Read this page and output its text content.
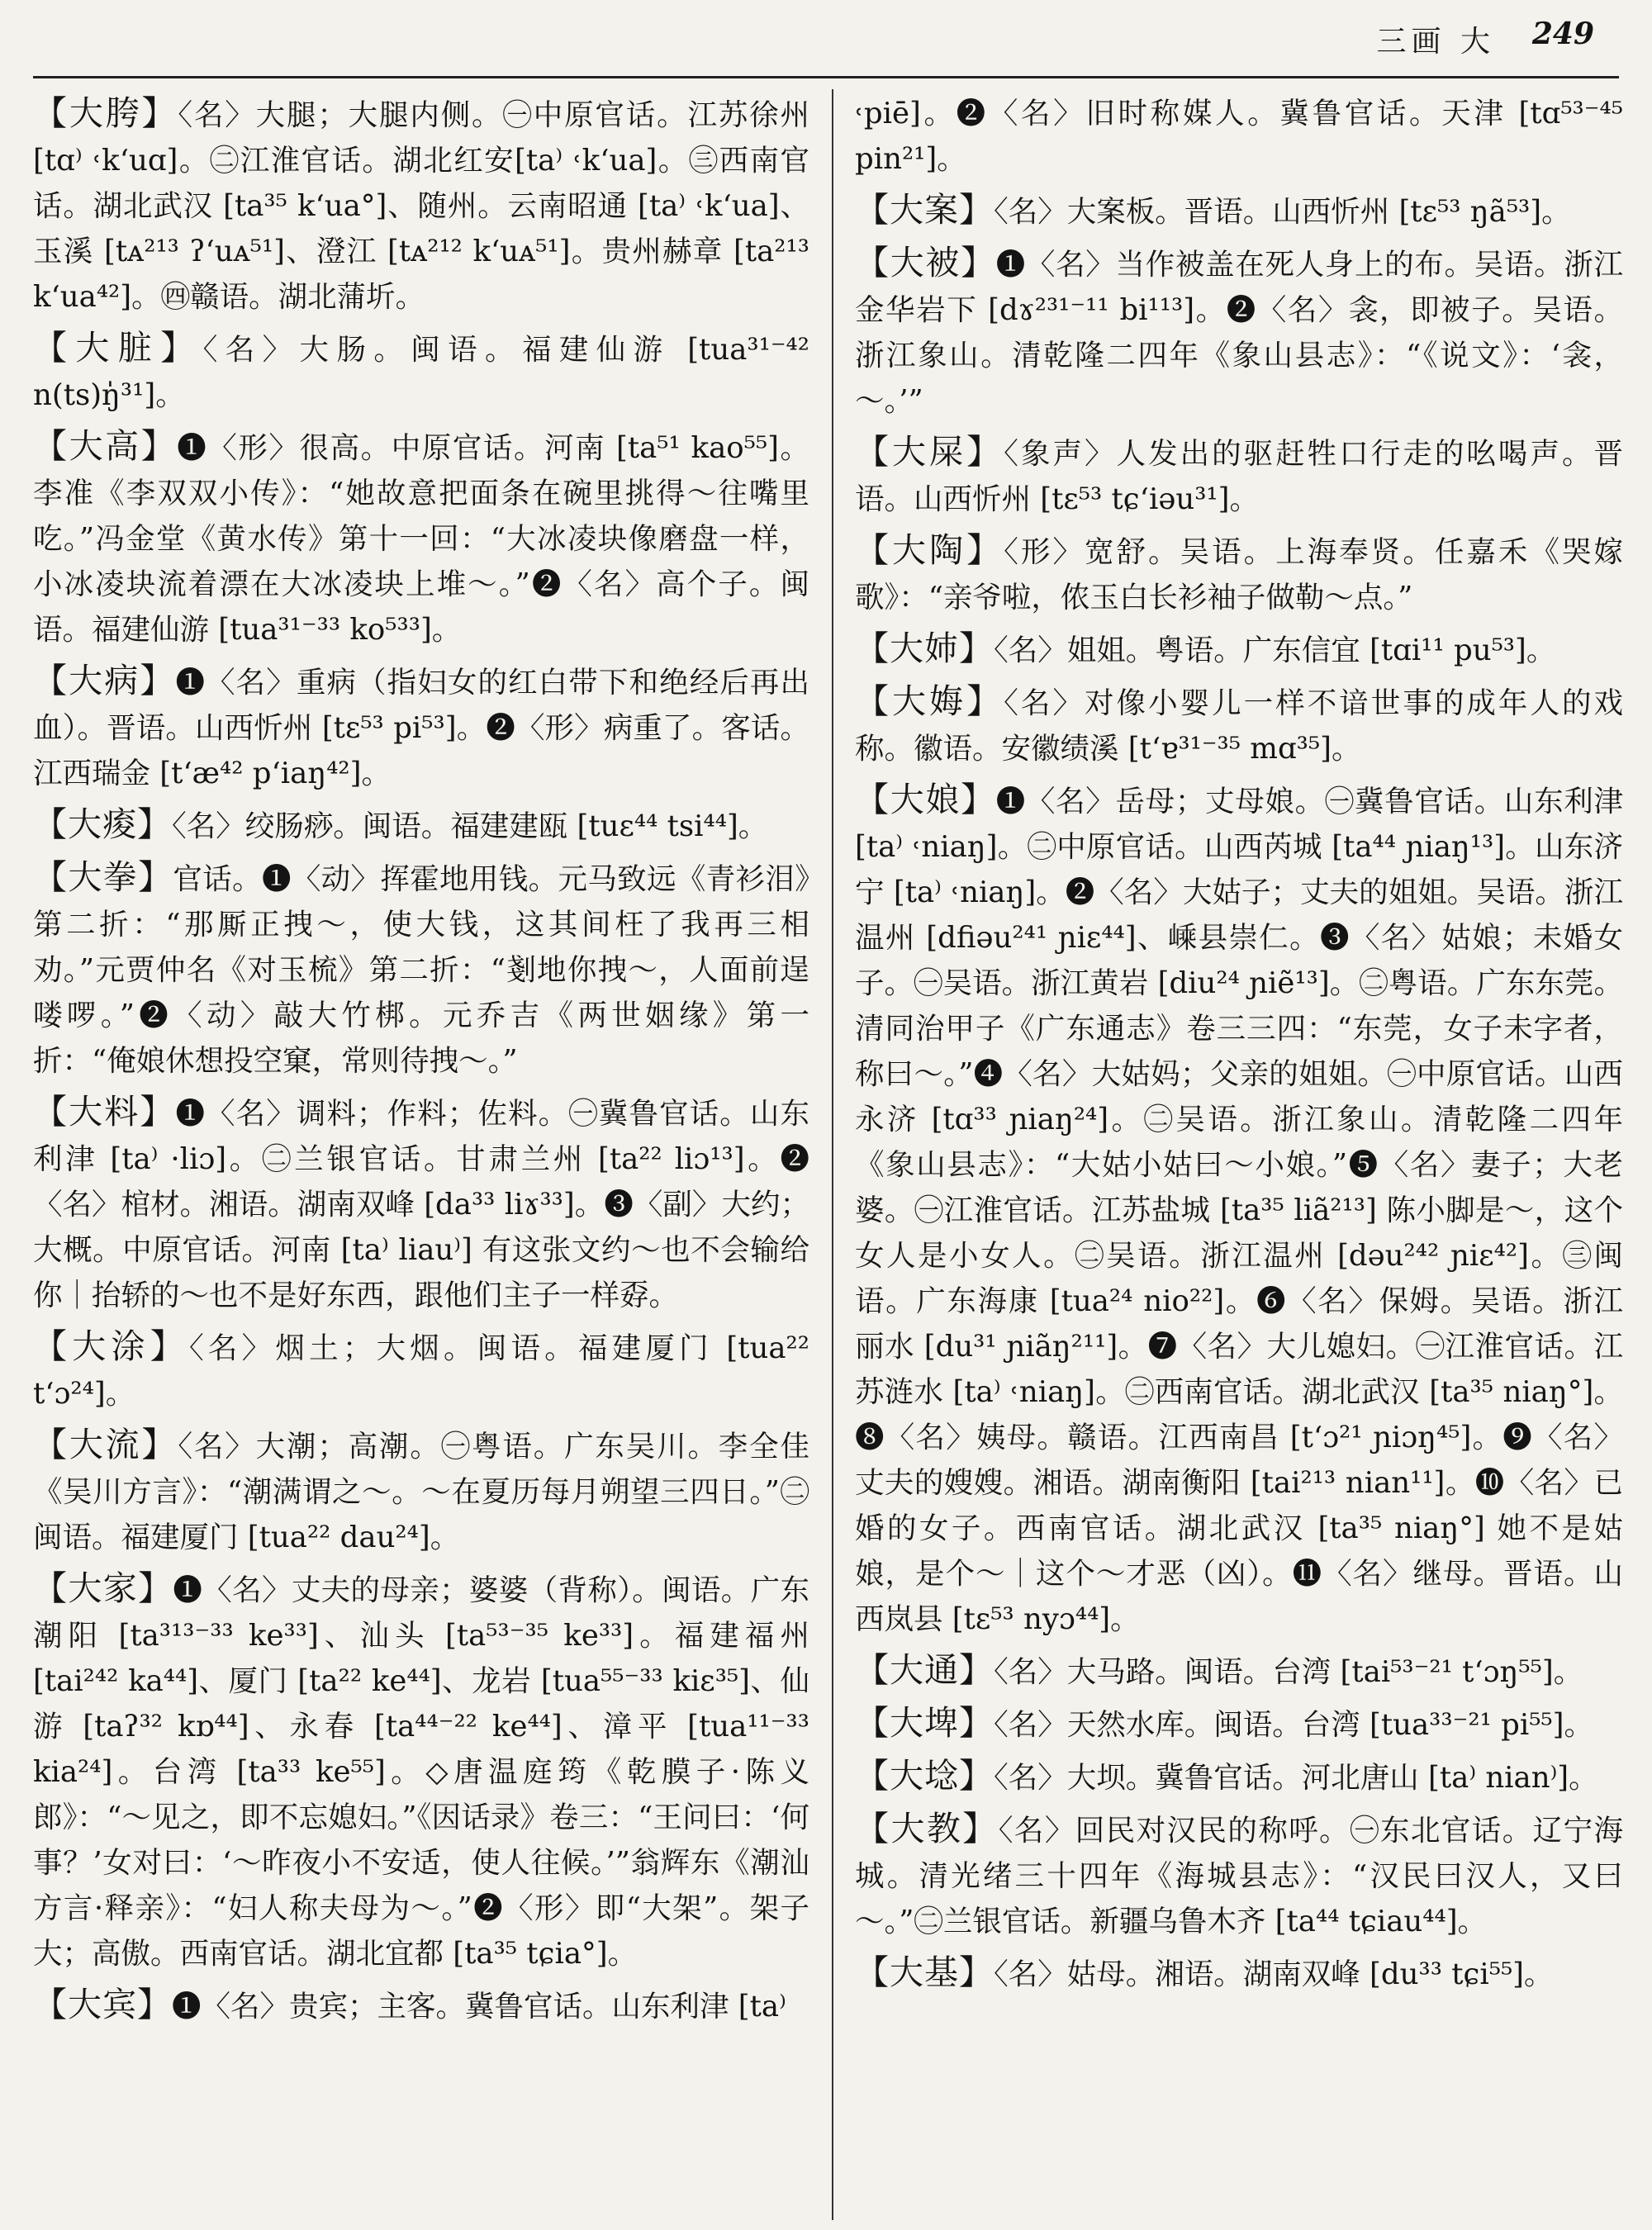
三画 大 249
【 大胯 】 〈名〉大腿；大腿内侧。㊀中原官话。江苏徐州 [tɑ⁾ ˓k‘uɑ]。㊁江淮官话。湖北红安[ta⁾ ˓k‘ua]。㊂西南官话。湖北武汉 [ta³⁵ k‘ua°]、随州。云南昭通 [ta⁾ ˓k‘ua]、玉溪 [tᴀ²¹³ ʔ‘uᴀ⁵¹]、澄江 [tᴀ²¹² k‘uᴀ⁵¹]。贵州赫章 [ta²¹³ k‘ua⁴²]。㊃赣语。湖北蒲圻。
【 大脏 】 〈名〉大肠。闽语。福建仙游 [tua³¹⁻⁴² n(ts)ŋ̍³¹]。
【 大高 】 ❶〈形〉很高。中原官话。河南 [ta⁵¹ kao⁵⁵]。李准《李双双小传》：“她故意把面条在碗里挑得～往嘴里吃。”冯金堂《黄水传》第十一回：“大冰凌块像磨盘一样，小冰凌块流着漂在大冰凌块上堆～。”❷〈名〉高个子。闽语。福建仙游 [tua³¹⁻³³ ko⁵³³]。
【 大病 】 ❶〈名〉重病（指妇女的红白带下和绝经后再出血）。晋语。山西忻州 [tɛ⁵³ pi⁵³]。❷〈形〉病重了。客话。江西瑞金 [t‘æ⁴² p‘iaŋ⁴²]。
【 大痠 】 〈名〉绞肠痧。闽语。福建建瓯 [tuɛ⁴⁴ tsi⁴⁴]。
【 大拳 】 官话。❶〈动〉挥霍地用钱。元马致远《青衫泪》第二折：“那厮正拽～，使大钱，这其间枉了我再三相劝。”元贾仲名《对玉梳》第二折：“剗地你拽～，人面前逞喽啰。”❷〈动〉敲大竹梆。元乔吉《两世姻缘》第一折：“俺娘休想投空窠，常则待拽～。”
【 大料 】 ❶〈名〉调料；作料；佐料。㊀冀鲁官话。山东利津 [ta⁾ ·liɔ]。㊁兰银官话。甘肃兰州 [ta²² liɔ¹³]。❷〈名〉棺材。湘语。湖南双峰 [da³³ liɤ³³]。❸〈副〉大约；大概。中原官话。河南 [ta⁾ liau⁾] 有这张文约～也不会输给你｜抬轿的～也不是好东西，跟他们主子一样孬。
【 大涂 】 〈名〉烟土；大烟。闽语。福建厦门 [tua²² t‘ɔ²⁴]。
【 大流 】 〈名〉大潮；高潮。㊀粤语。广东吴川。李全佳《吴川方言》：“潮满谓之～。～在夏历每月朔望三四日。”㊁闽语。福建厦门 [tua²² dau²⁴]。
【 大家 】 ❶〈名〉丈夫的母亲；婆婆（背称）。闽语。广东潮阳 [ta³¹³⁻³³ ke³³]、汕头 [ta⁵³⁻³⁵ ke³³]。福建福州 [tai²⁴² ka⁴⁴]、厦门 [ta²² ke⁴⁴]、龙岩 [tua⁵⁵⁻³³ kiɛ³⁵]、仙游 [taʔ³² kɒ⁴⁴]、永春 [ta⁴⁴⁻²² ke⁴⁴]、漳平 [tua¹¹⁻³³ kia²⁴]。台湾 [ta³³ ke⁵⁵]。◇唐温庭筠《乾膜子·陈义郎》：“～见之，即不忘媳妇。”《因话录》卷三：“王问曰：‘何事？’女对曰：‘～昨夜小不安适，使人往候。’”翁辉东《潮汕方言·释亲》：“妇人称夫母为～。”❷〈形〉即“大架”。架子大；高傲。西南官话。湖北宜都 [ta³⁵ tɕia°]。
【 大宾 】 ❶〈名〉贵宾；主客。冀鲁官话。山东利津 [ta⁾
˓piē]。❷〈名〉旧时称媒人。冀鲁官话。天津 [tɑ⁵³⁻⁴⁵ pin²¹]。
【 大案 】 〈名〉大案板。晋语。山西忻州 [tɛ⁵³ ŋã⁵³]。
【 大被 】 ❶〈名〉当作被盖在死人身上的布。吴语。浙江金华岩下 [dɤ²³¹⁻¹¹ bi¹¹³]。❷〈名〉衾，即被子。吴语。浙江象山。清乾隆二四年《象山县志》：“《说文》：‘衾，～。’”
【 大屎 】 〈象声〉人发出的驱赶牲口行走的吆喝声。晋语。山西忻州 [tɛ⁵³ tɕ‘iəu³¹]。
【 大陶 】 〈形〉宽舒。吴语。上海奉贤。任嘉禾《哭嫁歌》：“亲爷啦，侬玉白长衫袖子做勒～点。”
【 大姉 】 〈名〉姐姐。粤语。广东信宜 [tɑi¹¹ pu⁵³]。
【 大娒 】 〈名〉对像小婴儿一样不谙世事的成年人的戏称。徽语。安徽绩溪 [t‘ɐ³¹⁻³⁵ mɑ³⁵]。
【 大娘 】 ❶〈名〉岳母；丈母娘。㊀冀鲁官话。山东利津 [ta⁾ ˓niaŋ]。㊁中原官话。山西芮城 [ta⁴⁴ ɲiaŋ¹³]。山东济宁 [ta⁾ ˓niaŋ]。❷〈名〉大姑子；丈夫的姐姐。吴语。浙江温州 [dfiəu²⁴¹ ɲiɛ⁴⁴]、嵊县崇仁。❸〈名〉姑娘；未婚女子。㊀吴语。浙江黄岩 [diu²⁴ ɲiẽ¹³]。㊁粤语。广东东莞。清同治甲子《广东通志》卷三三四：“东莞，女子未字者，称曰～。”❹〈名〉大姑妈；父亲的姐姐。㊀中原官话。山西永济 [tɑ³³ ɲiaŋ²⁴]。㊁吴语。浙江象山。清乾隆二四年《象山县志》：“大姑小姑曰～小娘。”❺〈名〉妻子；大老婆。㊀江淮官话。江苏盐城 [ta³⁵ liã²¹³] 陈小脚是～，这个女人是小女人。㊁吴语。浙江温州 [dəu²⁴² ɲiɛ⁴²]。㊂闽语。广东海康 [tua²⁴ nio²²]。❻〈名〉保姆。吴语。浙江丽水 [du³¹ ɲiãŋ²¹¹]。❼〈名〉大儿媳妇。㊀江淮官话。江苏涟水 [ta⁾ ˓niaŋ]。㊁西南官话。湖北武汉 [ta³⁵ niaŋ°]。❽〈名〉姨母。赣语。江西南昌 [t‘ɔ²¹ ɲiɔŋ⁴⁵]。❾〈名〉丈夫的嫂嫂。湘语。湖南衡阳 [tai²¹³ nian¹¹]。❿〈名〉已婚的女子。西南官话。湖北武汉 [ta³⁵ niaŋ°] 她不是姑娘，是个～｜这个～才恶（凶）。⓫〈名〉继母。晋语。山西岚县 [tɛ⁵³ nyɔ⁴⁴]。
【 大通 】 〈名〉大马路。闽语。台湾 [tai⁵³⁻²¹ t‘ɔŋ⁵⁵]。
【 大埤 】 〈名〉天然水库。闽语。台湾 [tua³³⁻²¹ pi⁵⁵]。
【 大埝 】 〈名〉大坝。冀鲁官话。河北唐山 [ta⁾ nian⁾]。
【 大教 】 〈名〉回民对汉民的称呼。㊀东北官话。辽宁海城。清光绪三十四年《海城县志》：“汉民曰汉人，又曰～。”㊁兰银官话。新疆乌鲁木齐 [ta⁴⁴ tɕiau⁴⁴]。
【 大基 】 〈名〉姑母。湘语。湖南双峰 [du³³ tɕi⁵⁵]。
